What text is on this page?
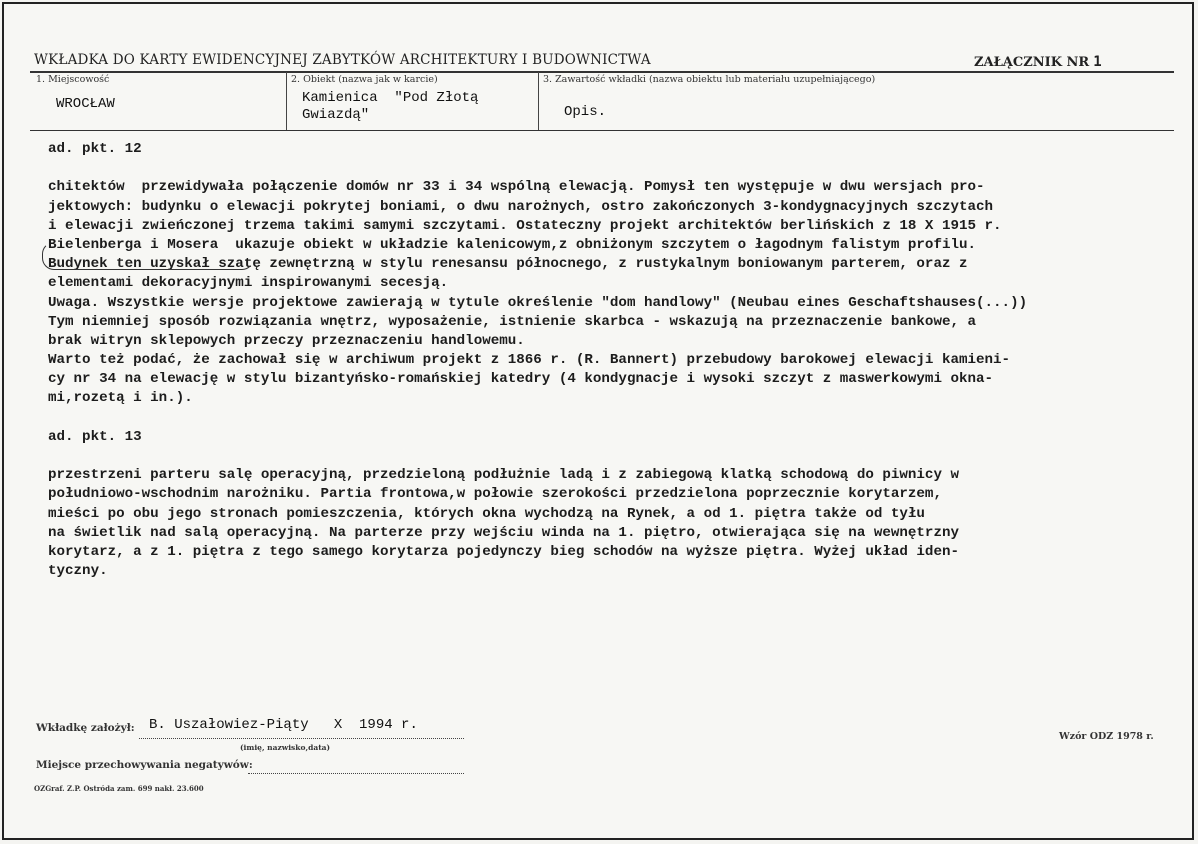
WKŁADKA DO KARTY EWIDENCYJNEJ ZABYTKÓW ARCHITEKTURY I BUDOWNICTWA	ZAŁĄCZNIK NR 1
1. Miejscowość
WROCŁAW
2. Obiekt (nazwa jak w karcie)
Kamienica  "Pod Złotą
Gwiazdą"
3. Zawartość wkładki (nazwa obiektu lub materiału uzupełniającego)
Opis.
ad. pkt. 12
chitektów  przewidywała połączenie domów nr 33 i 34 wspólną elewacją. Pomysł ten występuje w dwu wersjach pro-
jektowych: budynku o elewacji pokrytej boniami, o dwu narożnych, ostro zakończonych 3-kondygnacyjnych szczytach
i elewacji zwieńczonej trzema takimi samymi szczytami. Ostateczny projekt architektów berlińskich z 18 X 1915 r.
Bielenberga i Mosera  ukazuje obiekt w układzie kalenicowym,z obniżonym szczytem o łagodnym falistym profilu.
Budynek ten uzyskał szatę zewnętrzną w stylu renesansu północnego, z rustykalnym boniowanym parterem, oraz z
elementami dekoracyjnymi inspirowanymi secesją.
Uwaga. Wszystkie wersje projektowe zawierają w tytule określenie "dom handlowy" (Neubau eines Geschaftshauses(...))
Tym niemniej sposób rozwiązania wnętrz, wyposażenie, istnienie skarbca - wskazują na przeznaczenie bankowe, a
brak witryn sklepowych przeczy przeznaczeniu handlowemu.
Warto też podać, że zachował się w archiwum projekt z 1866 r. (R. Bannert) przebudowy barokowej elewacji kamieni-
cy nr 34 na elewację w stylu bizantyńsko-romańskiej katedry (4 kondygnacje i wysoki szczyt z maswerkowymi okna-
mi,rozetą i in.).
ad. pkt. 13
przestrzeni parteru salę operacyjną, przedzieloną podłużnie ladą i z zabiegową klatką schodową do piwnicy w
południowo-wschodnim narożniku. Partia frontowa,w połowie szerokości przedzielona poprzecznie korytarzem,
mieści po obu jego stronach pomieszczenia, których okna wychodzą na Rynek, a od 1. piętra także od tyłu
na świetlik nad salą operacyjną. Na parterze przy wejściu winda na 1. piętro, otwierająca się na wewnętrzny
korytarz, a z 1. piętra z tego samego korytarza pojedynczy bieg schodów na wyższe piętra. Wyżej układ iden-
tyczny.
Wkładkę założył: B. Uszałowiez-Piąty   X  1994 r.
(imię, nazwisko,data)
Miejsce przechowywania negatywów:
OZGraf. Z.P. Ostróda zam. 699 nakł. 23.600
Wzór ODZ 1978 r.
